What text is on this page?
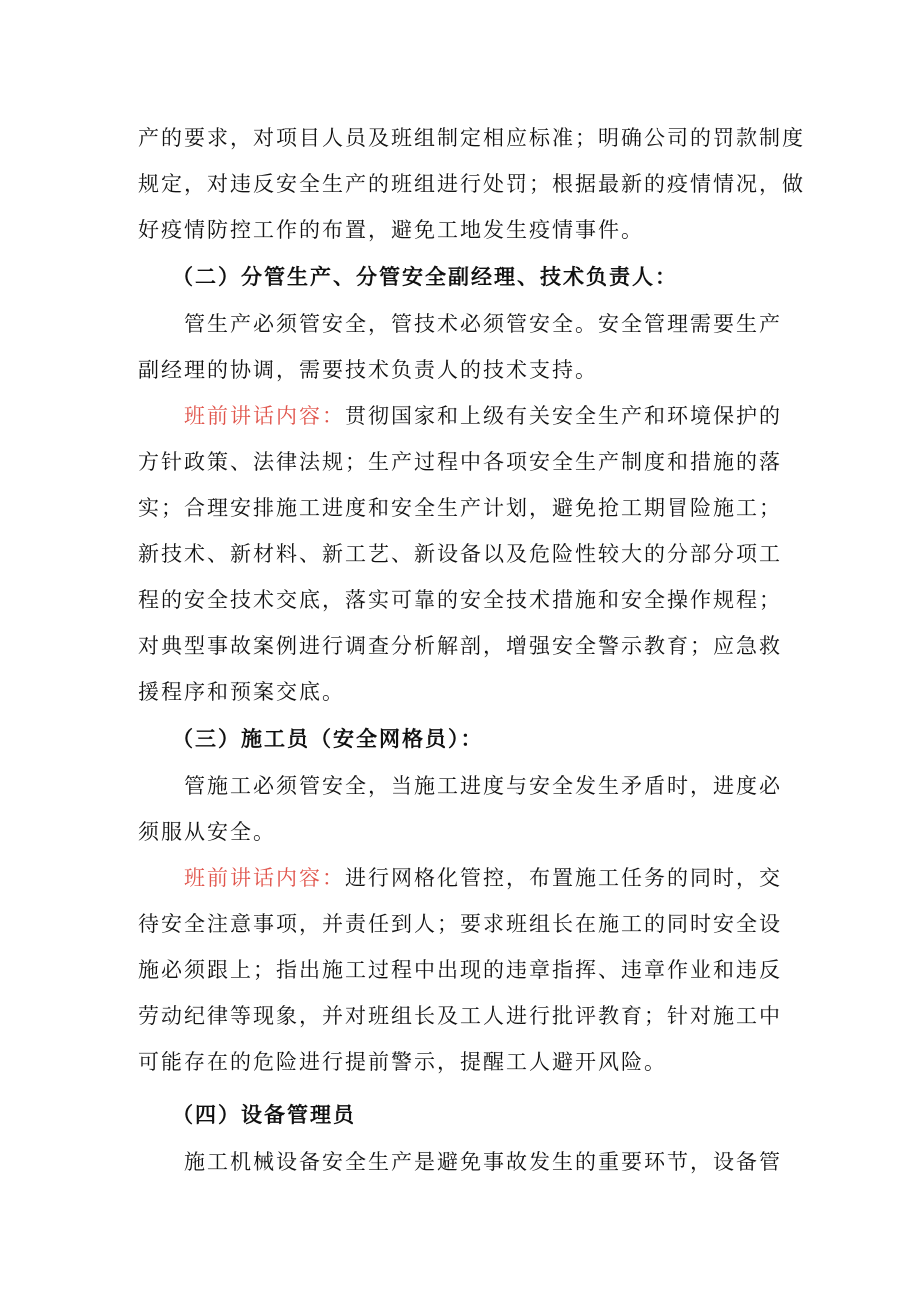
产的要求，对项目人员及班组制定相应标准；明确公司的罚款制度
规定，对违反安全生产的班组进行处罚；根据最新的疫情情况，做
好疫情防控工作的布置，避免工地发生疫情事件。
（二）分管生产、分管安全副经理、技术负责人：
管生产必须管安全，管技术必须管安全。安全管理需要生产
副经理的协调，需要技术负责人的技术支持。
班前讲话内容：贯彻国家和上级有关安全生产和环境保护的
方针政策、法律法规；生产过程中各项安全生产制度和措施的落
实；合理安排施工进度和安全生产计划，避免抢工期冒险施工；
新技术、新材料、新工艺、新设备以及危险性较大的分部分项工
程的安全技术交底，落实可靠的安全技术措施和安全操作规程；
对典型事故案例进行调查分析解剖，增强安全警示教育；应急救
援程序和预案交底。
（三）施工员（安全网格员）：
管施工必须管安全，当施工进度与安全发生矛盾时，进度必
须服从安全。
班前讲话内容：进行网格化管控，布置施工任务的同时，交
待安全注意事项，并责任到人；要求班组长在施工的同时安全设
施必须跟上；指出施工过程中出现的违章指挥、违章作业和违反
劳动纪律等现象，并对班组长及工人进行批评教育；针对施工中
可能存在的危险进行提前警示，提醒工人避开风险。
（四）设备管理员
施工机械设备安全生产是避免事故发生的重要环节，设备管
